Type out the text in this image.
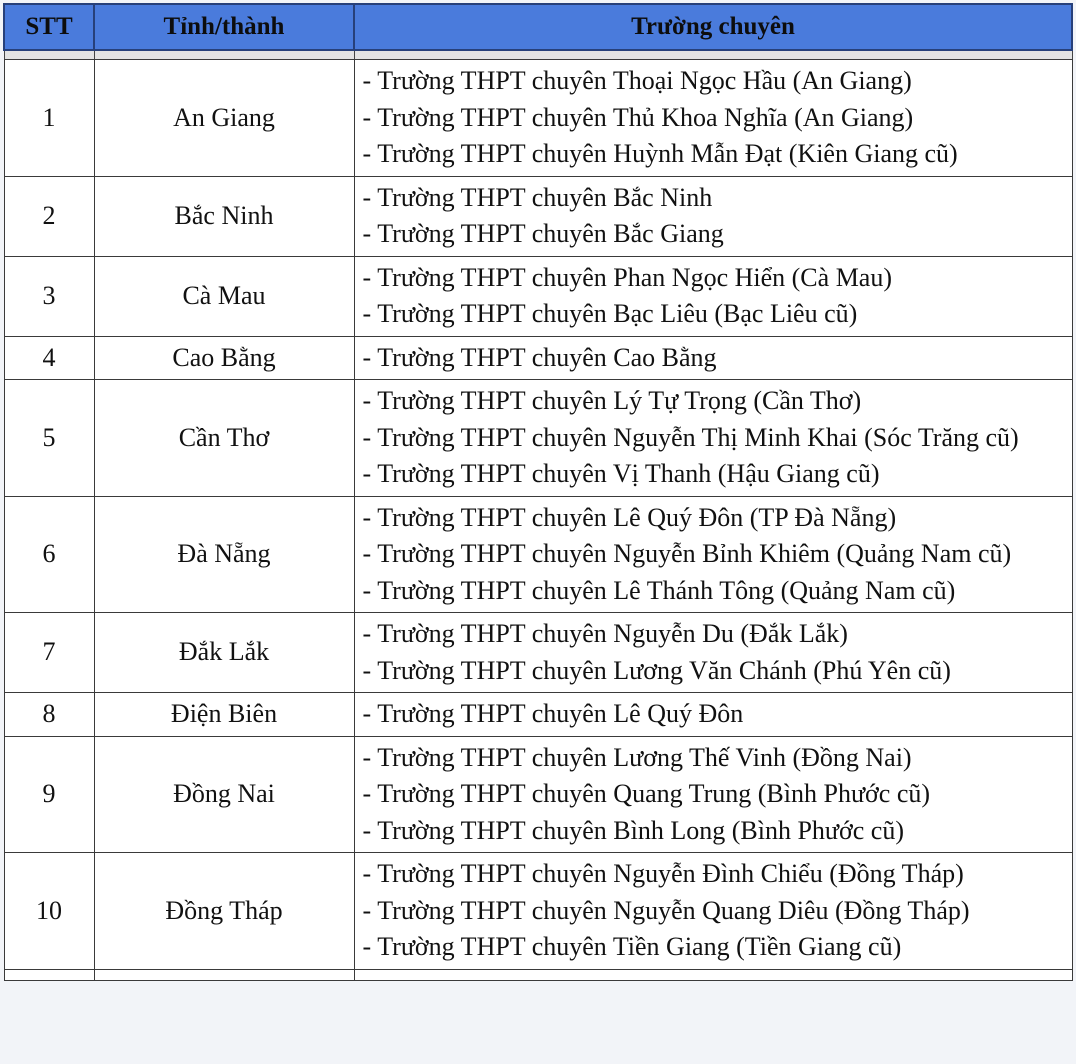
STT	Tỉnh/thành	Trường chuyên

1	An Giang	- Trường THPT chuyên Thoại Ngọc Hầu (An Giang)
- Trường THPT chuyên Thủ Khoa Nghĩa (An Giang)
- Trường THPT chuyên Huỳnh Mẫn Đạt (Kiên Giang cũ)

2	Bắc Ninh	- Trường THPT chuyên Bắc Ninh
- Trường THPT chuyên Bắc Giang

3	Cà Mau	- Trường THPT chuyên Phan Ngọc Hiển (Cà Mau)
- Trường THPT chuyên Bạc Liêu (Bạc Liêu cũ)

4	Cao Bằng	- Trường THPT chuyên Cao Bằng

5	Cần Thơ	- Trường THPT chuyên Lý Tự Trọng (Cần Thơ)
- Trường THPT chuyên Nguyễn Thị Minh Khai (Sóc Trăng cũ)
- Trường THPT chuyên Vị Thanh (Hậu Giang cũ)

6	Đà Nẵng	- Trường THPT chuyên Lê Quý Đôn (TP Đà Nẵng)
- Trường THPT chuyên Nguyễn Bỉnh Khiêm (Quảng Nam cũ)
- Trường THPT chuyên Lê Thánh Tông (Quảng Nam cũ)

7	Đắk Lắk	- Trường THPT chuyên Nguyễn Du (Đắk Lắk)
- Trường THPT chuyên Lương Văn Chánh (Phú Yên cũ)

8	Điện Biên	- Trường THPT chuyên Lê Quý Đôn

9	Đồng Nai	- Trường THPT chuyên Lương Thế Vinh (Đồng Nai)
- Trường THPT chuyên Quang Trung (Bình Phước cũ)
- Trường THPT chuyên Bình Long (Bình Phước cũ)

10	Đồng Tháp	- Trường THPT chuyên Nguyễn Đình Chiểu (Đồng Tháp)
- Trường THPT chuyên Nguyễn Quang Diêu (Đồng Tháp)
- Trường THPT chuyên Tiền Giang (Tiền Giang cũ)
